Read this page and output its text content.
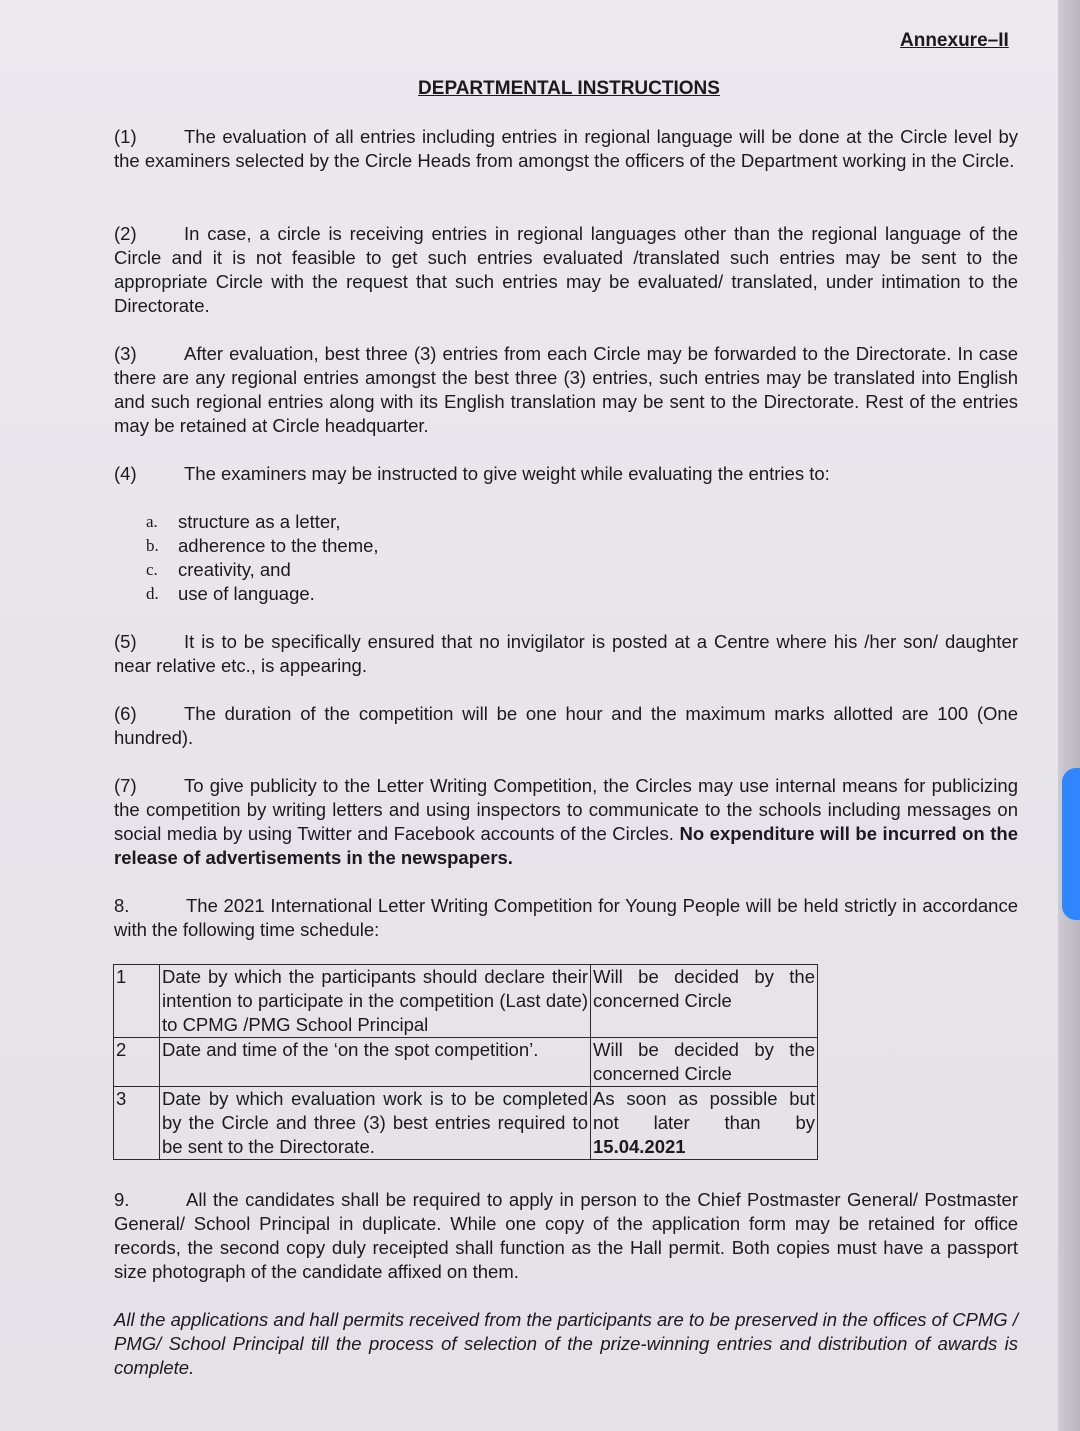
Annexure–II
DEPARTMENTAL INSTRUCTIONS
(1)	The evaluation of all entries including entries in regional language will be done at the Circle level by the examiners selected by the Circle Heads from amongst the officers of the Department working in the Circle.
(2)	In case, a circle is receiving entries in regional languages other than the regional language of the Circle and it is not feasible to get such entries evaluated /translated such entries may be sent to the appropriate Circle with the request that such entries may be evaluated/ translated, under intimation to the Directorate.
(3)	After evaluation, best three (3) entries from each Circle may be forwarded to the Directorate. In case there are any regional entries amongst the best three (3) entries, such entries may be translated into English and such regional entries along with its English translation may be sent to the Directorate. Rest of the entries may be retained at Circle headquarter.
(4)	The examiners may be instructed to give weight while evaluating the entries to:
a.	structure as a letter,
b.	adherence to the theme,
c.	creativity, and
d.	use of language.
(5)	It is to be specifically ensured that no invigilator is posted at a Centre where his /her son/ daughter near relative etc., is appearing.
(6)	The duration of the competition will be one hour and the maximum marks allotted are 100 (One hundred).
(7)	To give publicity to the Letter Writing Competition, the Circles may use internal means for publicizing the competition by writing letters and using inspectors to communicate to the schools including messages on social media by using Twitter and Facebook accounts of the Circles. No expenditure will be incurred on the release of advertisements in the newspapers.
8.	The 2021 International Letter Writing Competition for Young People will be held strictly in accordance with the following time schedule:
1	Date by which the participants should declare their intention to participate in the competition (Last date) to CPMG /PMG School Principal	Will be decided by the concerned Circle
2	Date and time of the ‘on the spot competition’.	Will be decided by the concerned Circle
3	Date by which evaluation work is to be completed by the Circle and three (3) best entries required to be sent to the Directorate.	As soon as possible but not later than by 15.04.2021
9.	All the candidates shall be required to apply in person to the Chief Postmaster General/ Postmaster General/ School Principal in duplicate. While one copy of the application form may be retained for office records, the second copy duly receipted shall function as the Hall permit. Both copies must have a passport size photograph of the candidate affixed on them.
All the applications and hall permits received from the participants are to be preserved in the offices of CPMG / PMG/ School Principal till the process of selection of the prize-winning entries and distribution of awards is complete.
